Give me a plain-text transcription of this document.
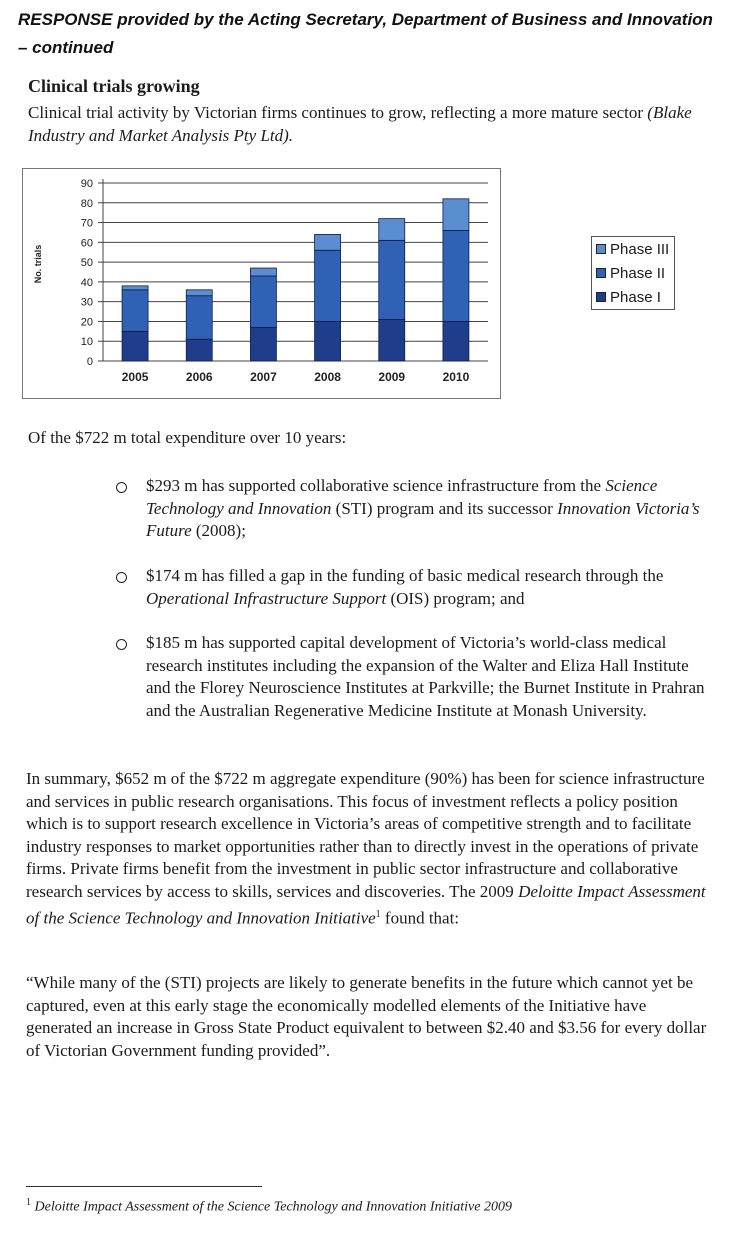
RESPONSE provided by the Acting Secretary, Department of Business and Innovation – continued
Clinical trials growing
Clinical trial activity by Victorian firms continues to grow, reflecting a more mature sector (Blake Industry and Market Analysis Pty Ltd).
0
10
20
30
40
50
60
70
80
90
No. trials
2005	2006	2007	2008	2009	2010
Phase III
Phase II
Phase I
Of the $722 m total expenditure over 10 years:
$293 m has supported collaborative science infrastructure from the Science Technology and Innovation (STI) program and its successor Innovation Victoria’s Future (2008);
$174 m has filled a gap in the funding of basic medical research through the Operational Infrastructure Support (OIS) program; and
$185 m has supported capital development of Victoria’s world-class medical research institutes including the expansion of the Walter and Eliza Hall Institute and the Florey Neuroscience Institutes at Parkville; the Burnet Institute in Prahran and the Australian Regenerative Medicine Institute at Monash University.
In summary, $652 m of the $722 m aggregate expenditure (90%) has been for science infrastructure and services in public research organisations. This focus of investment reflects a policy position which is to support research excellence in Victoria’s areas of competitive strength and to facilitate industry responses to market opportunities rather than to directly invest in the operations of private firms. Private firms benefit from the investment in public sector infrastructure and collaborative research services by access to skills, services and discoveries. The 2009 Deloitte Impact Assessment of the Science Technology and Innovation Initiative$^1$ found that:
“While many of the (STI) projects are likely to generate benefits in the future which cannot yet be captured, even at this early stage the economically modelled elements of the Initiative have generated an increase in Gross State Product equivalent to between $2.40 and $3.56 for every dollar of Victorian Government funding provided”.
$^1$ Deloitte Impact Assessment of the Science Technology and Innovation Initiative 2009
